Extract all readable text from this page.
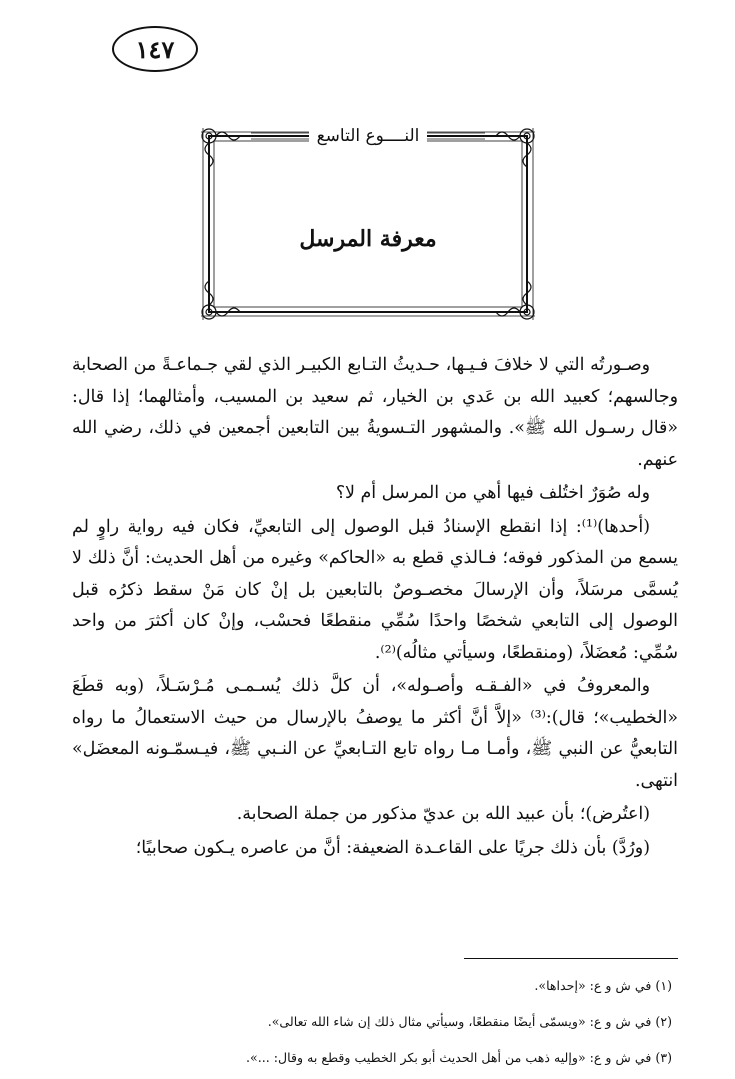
١٤٧
النــــوع التاسع
معرفة المرسل

وصـورتُه التي لا خلافَ فـيـها، حـديثُ التـابع الكبيـر الذي لقي جـماعـةً من الصحابة وجالسهم؛ كعبيد الله بن عَدي بن الخيار، ثم سعيد بن المسيب، وأمثالهما؛ إذا قال: «قال رسـول الله ﷺ». والمشهور التـسويةُ بين التابعين أجمعين في ذلك، رضي الله عنهم.

وله صُوَرٌ اختُلف فيها أهي من المرسل أم لا؟

(أحدها)⁽¹⁾: إذا انقطع الإسنادُ قبل الوصول إلى التابعيِّ، فكان فيه رواية راوٍ لم يسمع من المذكور فوقه؛ فـالذي قطع به «الحاكم» وغيره من أهل الحديث: أنَّ ذلك لا يُسمَّى مرسَلاً، وأن الإرسالَ مخصـوصٌ بالتابعين بل إنْ كان مَنْ سقط ذكرُه قبل الوصول إلى التابعي شخصًا واحدًا سُمِّي منقطعًا فحسْب، وإنْ كان أكثرَ من واحد سُمِّي: مُعضَلاً، (ومنقطعًا، وسيأتي مثالُه)⁽²⁾.

والمعروفُ في «الفـقـه وأصـوله»، أن كلَّ ذلك يُسـمـى مُـرْسَـلاً، (وبه قطَعَ «الخطيب»؛ قال):⁽³⁾ «إلاَّ أنَّ أكثر ما يوصفُ بالإرسال من حيث الاستعمالُ ما رواه التابعيُّ عن النبي ﷺ، وأمـا مـا رواه تابع التـابعيِّ عن النـبي ﷺ، فيـسمّـونه المعضَل» انتهى.

(اعتُرض)؛ بأن عبيد الله بن عديّ مذكور من جملة الصحابة.

(ورُدَّ) بأن ذلك جريًا على القاعـدة الضعيفة: أنَّ من عاصره يـكون صحابيًا؛

(١) في ش و ع: «إحداها».

(٢) في ش و ع: «ويسمّى أيضًا منقطعًا، وسيأتي مثال ذلك إن شاء الله تعالى».

(٣) في ش و ع: «وإليه ذهب من أهل الحديث أبو بكر الخطيب وقطع به وقال: ...».
